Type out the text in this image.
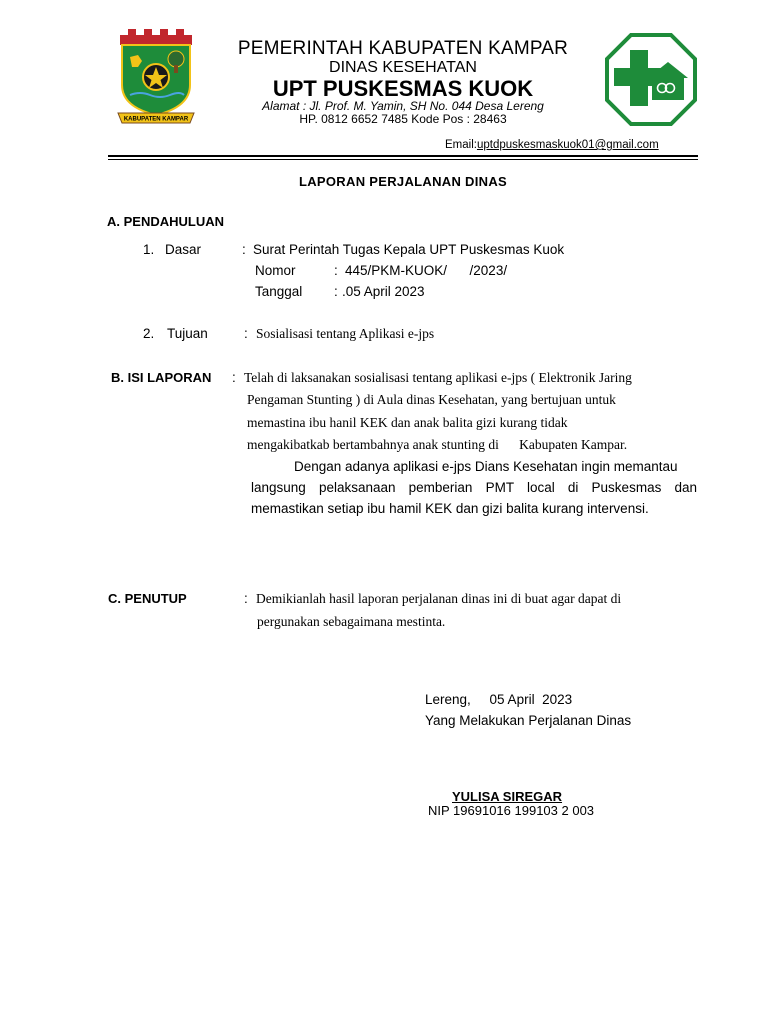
KABUPATEN KAMPAR
PEMERINTAH KABUPATEN KAMPAR
DINAS KESEHATAN
UPT PUSKESMAS KUOK
Alamat : Jl. Prof. M. Yamin, SH No. 044 Desa Lereng
HP. 0812 6652 7485 Kode Pos : 28463
Email:uptdpuskesmaskuok01@gmail.com
LAPORAN PERJALANAN DINAS
A. PENDAHULUAN
1. Dasar	: Surat Perintah Tugas Kepala UPT Puskesmas Kuok
Nomor	: 445/PKM-KUOK/      /2023/
Tanggal : .05 April 2023
2. Tujuan	: Sosialisasi tentang Aplikasi e-jps
B. ISI LAPORAN : Telah di laksanakan sosialisasi tentang aplikasi e-jps ( Elektronik Jaring
Pengaman Stunting ) di Aula dinas Kesehatan, yang bertujuan untuk
memastina ibu hanil KEK dan anak balita gizi kurang tidak
mengakibatkab bertambahnya anak stunting di      Kabupaten Kampar.
Dengan adanya aplikasi e-jps Dians Kesehatan ingin memantau
langsung pelaksanaan pemberian PMT local di Puskesmas dan
memastikan setiap ibu hamil KEK dan gizi balita kurang intervensi.
C. PENUTUP	: Demikianlah hasil laporan perjalanan dinas ini di buat agar dapat di
pergunakan sebagaimana mestinta.
Lereng,     05 April  2023
Yang Melakukan Perjalanan Dinas
YULISA SIREGAR
NIP 19691016 199103 2 003
